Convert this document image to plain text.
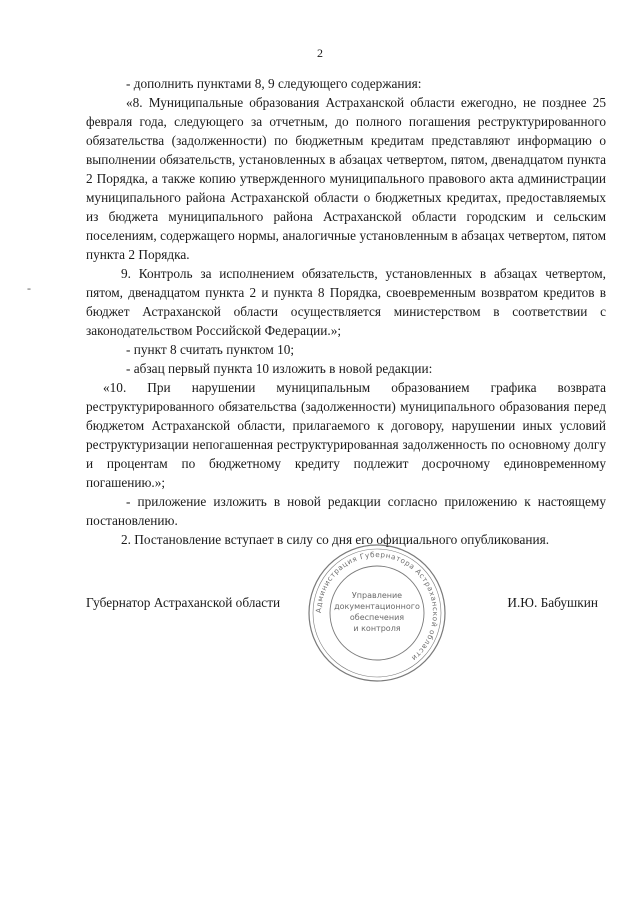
2
-

- дополнить пунктами 8, 9 следующего содержания:

«8. Муниципальные образования Астраханской области ежегодно, не позднее 25 февраля года, следующего за отчетным, до полного погашения реструктурированного обязательства (задолженности) по бюджетным кредитам представляют информацию о выполнении обязательств, установленных в абзацах четвертом, пятом, двенадцатом пункта 2 Порядка, а также копию утвержденного муниципального правового акта администрации муниципального района Астраханской области о бюджетных кредитах, предоставляемых из бюджета муниципального района Астраханской области городским и сельским поселениям, содержащего нормы, аналогичные установленным в абзацах четвертом, пятом пункта 2 Порядка.

9. Контроль за исполнением обязательств, установленных в абзацах четвертом, пятом, двенадцатом пункта 2 и пункта 8 Порядка, своевременным возвратом кредитов в бюджет Астраханской области осуществляется министерством в соответствии с законодательством Российской Федерации.»;

- пункт 8 считать пунктом 10;

- абзац первый пункта 10 изложить в новой редакции:

«10. При нарушении муниципальным образованием графика возврата реструктурированного обязательства (задолженности) муниципального образования перед бюджетом Астраханской области, прилагаемого к договору, нарушении иных условий реструктуризации непогашенная реструктурированная задолженность по основному долгу и процентам по бюджетному кредиту подлежит досрочному единовременному погашению.»;

- приложение изложить в новой редакции согласно приложению к настоящему постановлению.

2. Постановление вступает в силу со дня его официального опубликования.

Губернатор Астраханской области	И.Ю. Бабушкин
Администрация Губернатора Астраханской области
Управление
документационного
обеспечения
и контроля
